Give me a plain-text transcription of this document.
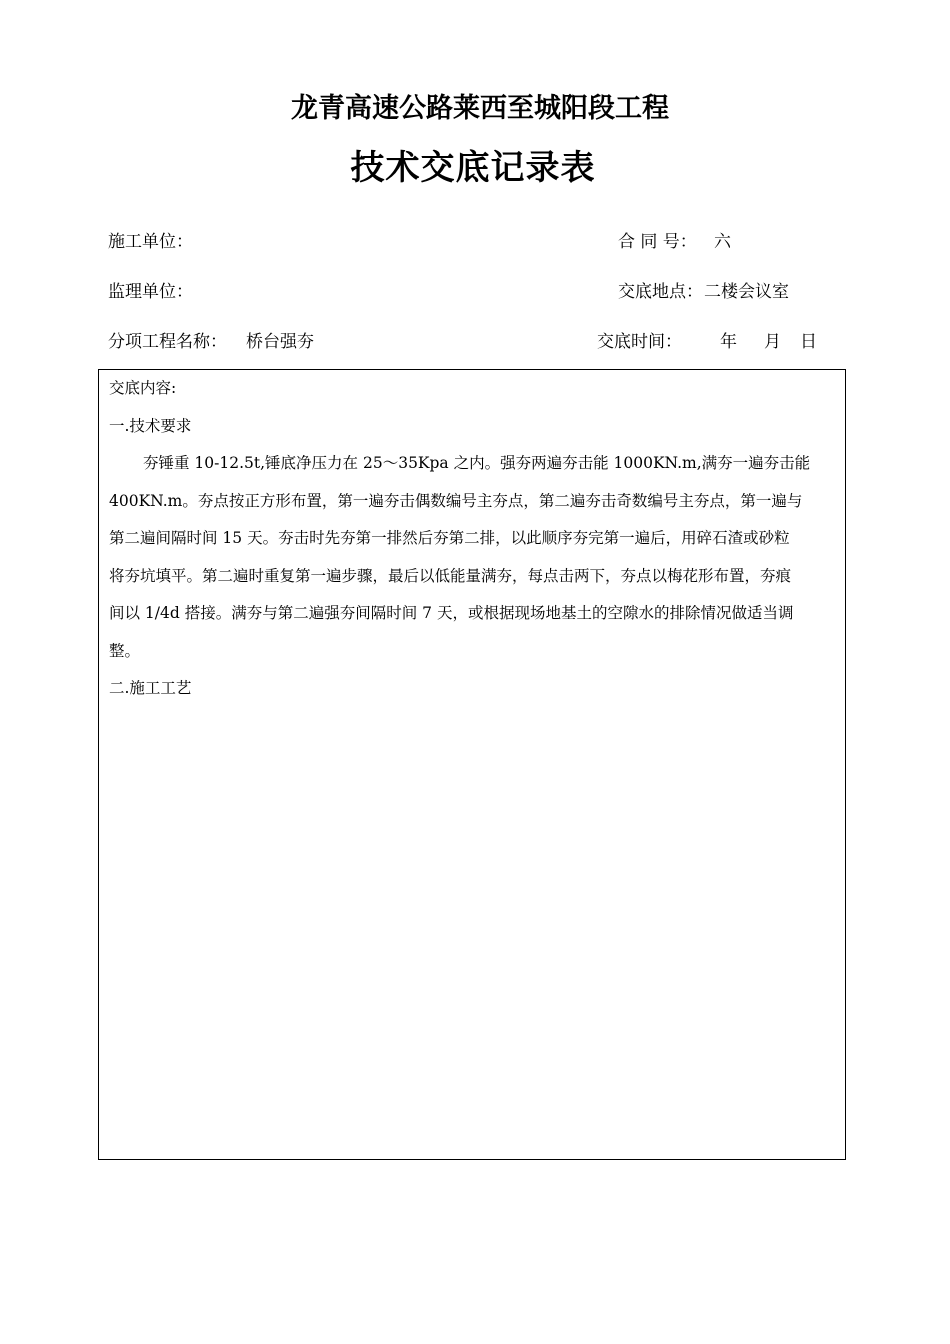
龙青高速公路莱西至城阳段工程
技术交底记录表
施工单位：	合 同 号： 六
监理单位：	交底地点： 二楼会议室
分项工程名称： 桥台强夯	交底时间： 年 月 日
交底内容:
一.技术要求
夯锤重 10-12.5t,锤底净压力在 25～35Kpa 之内。强夯两遍夯击能 1000KN.m,满夯一遍夯击能
400KN.m。夯点按正方形布置，第一遍夯击偶数编号主夯点，第二遍夯击奇数编号主夯点，第一遍与
第二遍间隔时间 15 天。夯击时先夯第一排然后夯第二排，以此顺序夯完第一遍后，用碎石渣或砂粒
将夯坑填平。第二遍时重复第一遍步骤，最后以低能量满夯，每点击两下，夯点以梅花形布置，夯痕
间以 1/4d 搭接。满夯与第二遍强夯间隔时间 7 天，或根据现场地基土的空隙水的排除情况做适当调
整。
二.施工工艺
